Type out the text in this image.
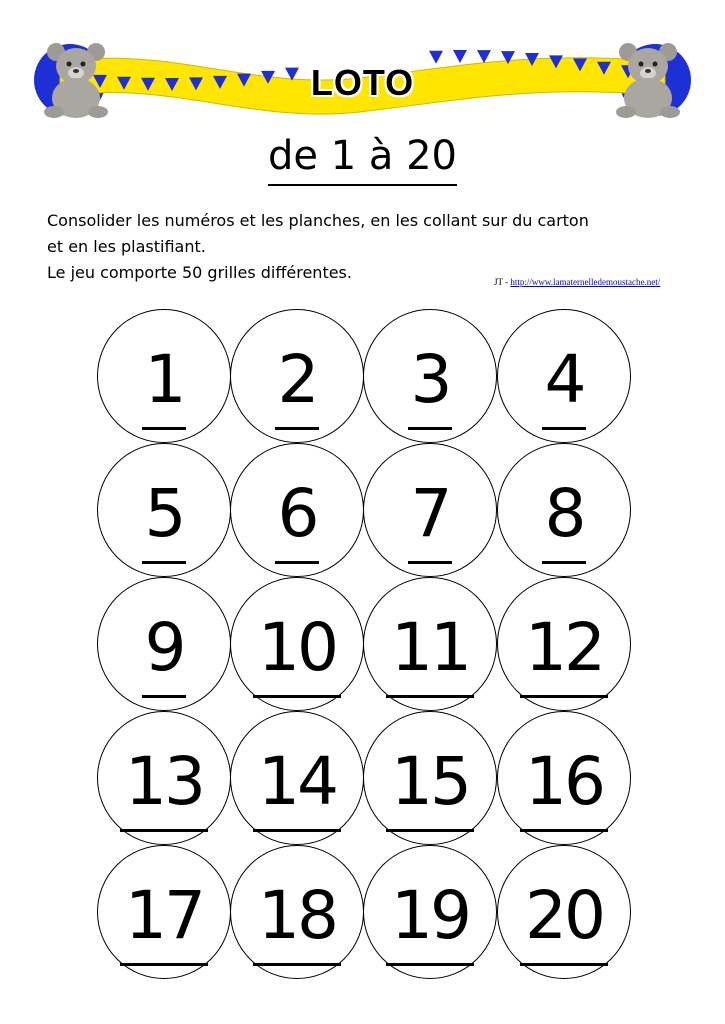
LOTO
de 1 à 20
Consolider les numéros et les planches, en les collant sur du carton
et en les plastifiant.
Le jeu comporte 50 grilles différentes.	JT - http://www.lamaternelledemoustache.net/
1	2	3	4
5	6	7	8
9	10 11 12
13 14 15 16
17 18 19 20
